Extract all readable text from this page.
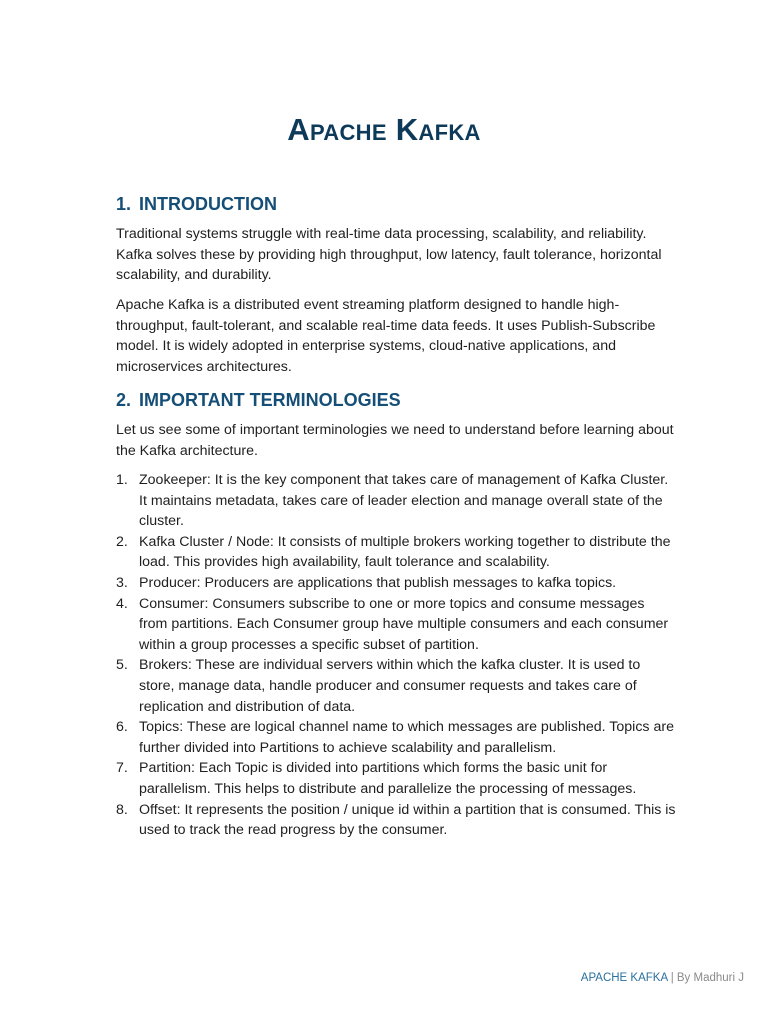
Apache Kafka
1. INTRODUCTION

Traditional systems struggle with real-time data processing, scalability, and reliability. Kafka solves these by providing high throughput, low latency, fault tolerance, horizontal scalability, and durability.

Apache Kafka is a distributed event streaming platform designed to handle high-throughput, fault-tolerant, and scalable real-time data feeds. It uses Publish-Subscribe model. It is widely adopted in enterprise systems, cloud-native applications, and microservices architectures.

2. IMPORTANT TERMINOLOGIES

Let us see some of important terminologies we need to understand before learning about the Kafka architecture.

1. Zookeeper: It is the key component that takes care of management of Kafka Cluster. It maintains metadata, takes care of leader election and manage overall state of the cluster.
2. Kafka Cluster / Node: It consists of multiple brokers working together to distribute the load. This provides high availability, fault tolerance and scalability.
3. Producer: Producers are applications that publish messages to kafka topics.
4. Consumer: Consumers subscribe to one or more topics and consume messages from partitions. Each Consumer group have multiple consumers and each consumer within a group processes a specific subset of partition.
5. Brokers: These are individual servers within which the kafka cluster. It is used to store, manage data, handle producer and consumer requests and takes care of replication and distribution of data.
6. Topics: These are logical channel name to which messages are published. Topics are further divided into Partitions to achieve scalability and parallelism.
7. Partition: Each Topic is divided into partitions which forms the basic unit for parallelism. This helps to distribute and parallelize the processing of messages.
8. Offset: It represents the position / unique id within a partition that is consumed. This is used to track the read progress by the consumer.
APACHE KAFKA | By Madhuri J
